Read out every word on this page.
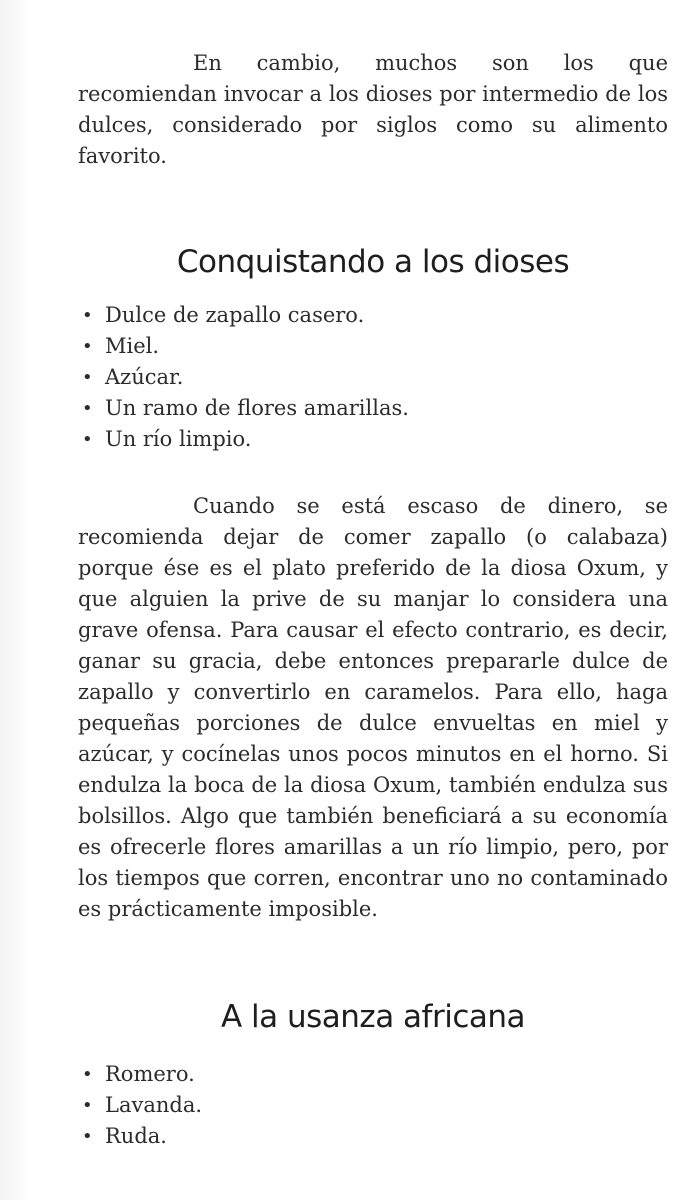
En cambio, muchos son los que recomiendan invocar a los dioses por intermedio de los dulces, considerado por siglos como su alimento favorito.

Conquistando a los dioses
• Dulce de zapallo casero.
• Miel.
• Azúcar.
• Un ramo de flores amarillas.
• Un río limpio.

Cuando se está escaso de dinero, se recomienda dejar de comer zapallo (o calabaza) porque ése es el plato preferido de la diosa Oxum, y que alguien la prive de su manjar lo considera una grave ofensa. Para causar el efecto contrario, es decir, ganar su gracia, debe entonces prepararle dulce de zapallo y convertirlo en caramelos. Para ello, haga pequeñas porciones de dulce envueltas en miel y azúcar, y cocínelas unos pocos minutos en el horno. Si endulza la boca de la diosa Oxum, también endulza sus bolsillos. Algo que también beneficiará a su economía es ofrecerle flores amarillas a un río limpio, pero, por los tiempos que corren, encontrar uno no contaminado es prácticamente imposible.

A la usanza africana
• Romero.
• Lavanda.
• Ruda.
